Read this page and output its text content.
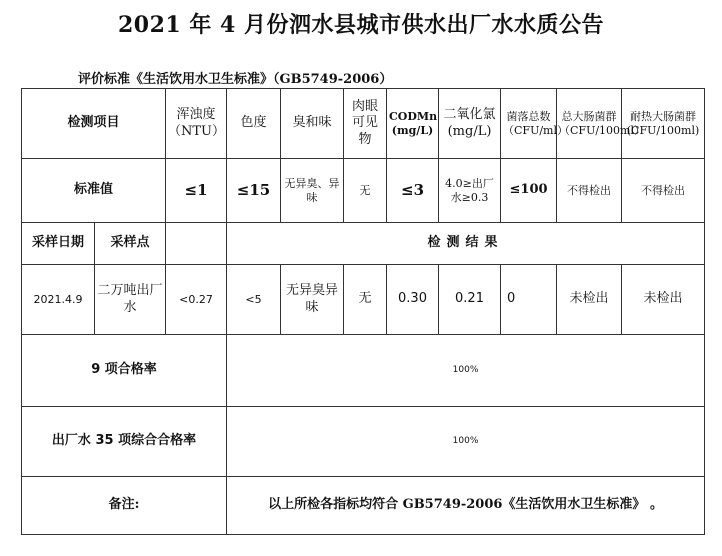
2021 年 4 月份泗水县城市供水出厂水水质公告
评价标准《生活饮用水卫生标准》（GB5749-2006）
检测项目		浑浊度（NTU）	色度	臭和味	肉眼可见物	CODMn (mg/L)	二氧化氯 (mg/L)	菌落总数（CFU/ml）	总大肠菌群（CFU/100ml）	耐热大肠菌群 (CFU/100ml)
标准值		≤1	≤15	无异臭、异味	无	≤3	4.0≥出厂水≥0.3	≤100	不得检出	不得检出
采样日期	采样点		检测结果							
2021.4.9	二万吨出厂水	<0.27	<5	无异臭异味	无	0.30	0.21	0	未检出	未检出
9 项合格率			100%							
出厂水 35 项综合合格率			100%							
备注:			以上所检各指标均符合 GB5749-2006《生活饮用水卫生标准》 。							
